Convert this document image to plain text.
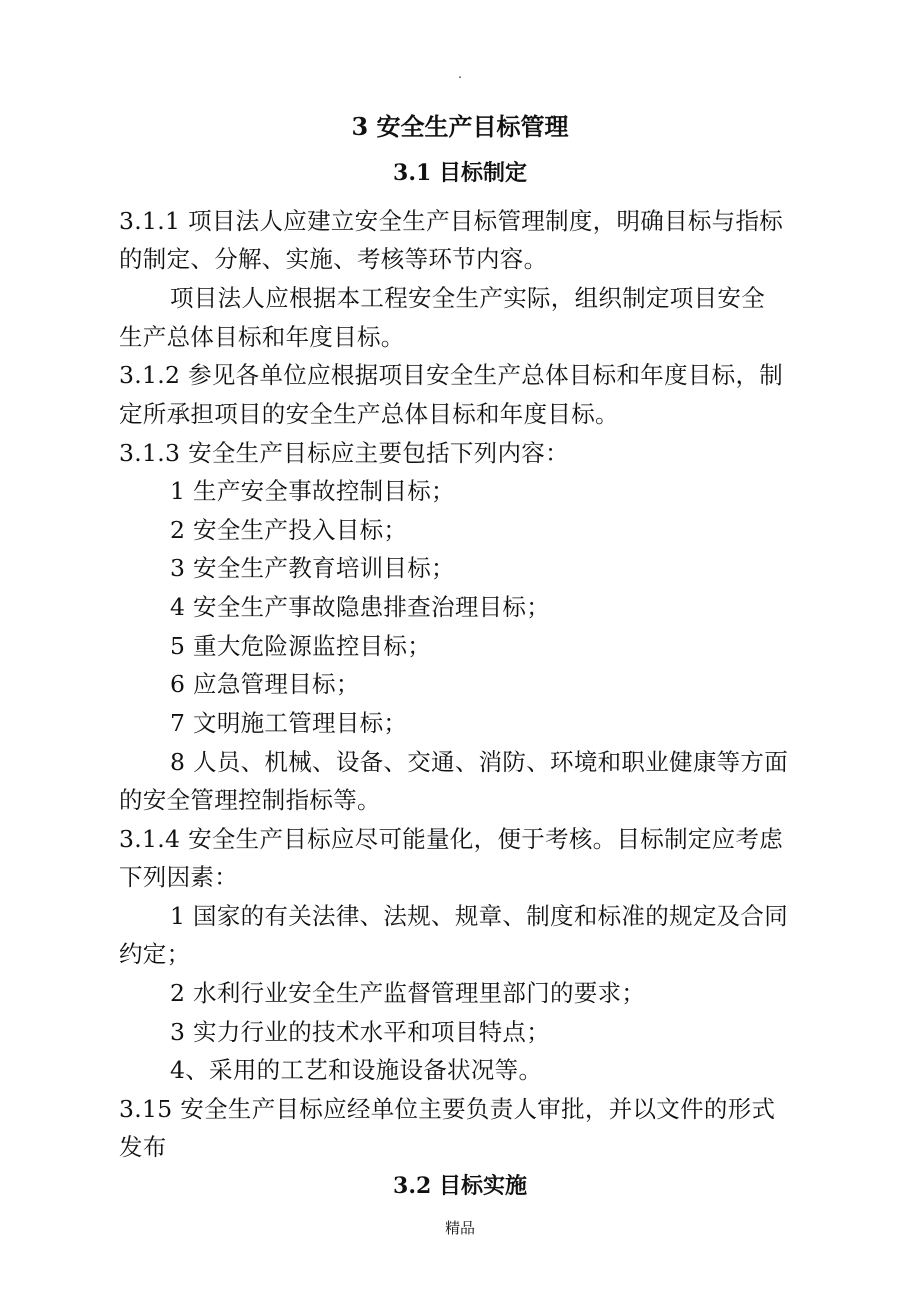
.
3 安全生产目标管理
3.1 目标制定
3.1.1 项目法人应建立安全生产目标管理制度，明确目标与指标
的制定、分解、实施、考核等环节内容。
项目法人应根据本工程安全生产实际，组织制定项目安全
生产总体目标和年度目标。
3.1.2 参见各单位应根据项目安全生产总体目标和年度目标，制
定所承担项目的安全生产总体目标和年度目标。
3.1.3 安全生产目标应主要包括下列内容：
1 生产安全事故控制目标；
2 安全生产投入目标；
3 安全生产教育培训目标；
4 安全生产事故隐患排查治理目标；
5 重大危险源监控目标；
6 应急管理目标；
7 文明施工管理目标；
8 人员、机械、设备、交通、消防、环境和职业健康等方面
的安全管理控制指标等。
3.1.4 安全生产目标应尽可能量化，便于考核。目标制定应考虑
下列因素：
1 国家的有关法律、法规、规章、制度和标准的规定及合同
约定；
2 水利行业安全生产监督管理里部门的要求；
3 实力行业的技术水平和项目特点；
4、采用的工艺和设施设备状况等。
3.15 安全生产目标应经单位主要负责人审批，并以文件的形式
发布
3.2 目标实施
精品
